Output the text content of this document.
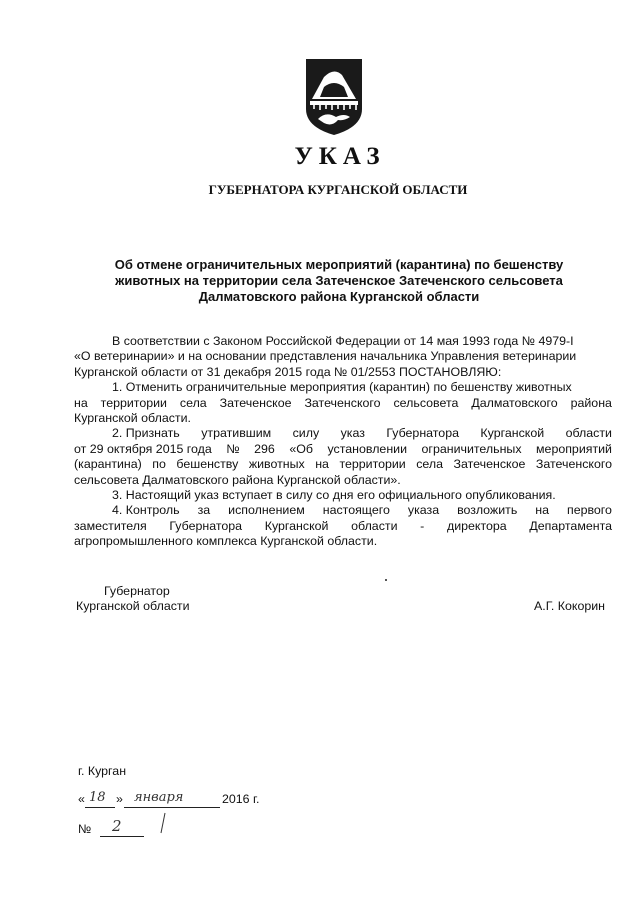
УКАЗ
ГУБЕРНАТОРА КУРГАНСКОЙ ОБЛАСТИ
Об отмене ограничительных мероприятий (карантина) по бешенству
животных на территории села Затеченское Затеченского сельсовета
Далматовского района Курганской области
В соответствии с Законом Российской Федерации от 14 мая 1993 года № 4979-I
«О ветеринарии» и на основании представления начальника Управления ветеринарии
Курганской области от 31 декабря 2015 года № 01/2553 ПОСТАНОВЛЯЮ:
1. Отменить ограничительные мероприятия (карантин) по бешенству животных
на территории села Затеченское Затеченского сельсовета Далматовского района
Курганской области.
2. Признать утратившим силу указ Губернатора Курганской области
от 29 октября 2015 года № 296 «Об установлении ограничительных мероприятий
(карантина) по бешенству животных на территории села Затеченское Затеченского
сельсовета Далматовского района Курганской области».
3. Настоящий указ вступает в силу со дня его официального опубликования.
4. Контроль за исполнением настоящего указа возложить на первого
заместителя Губернатора Курганской области - директора Департамента
агропромышленного комплекса Курганской области.
Губернатор
Курганской области	А.Г. Кокорин
г. Курган
« 18 » января	2016 г.
№ 2
